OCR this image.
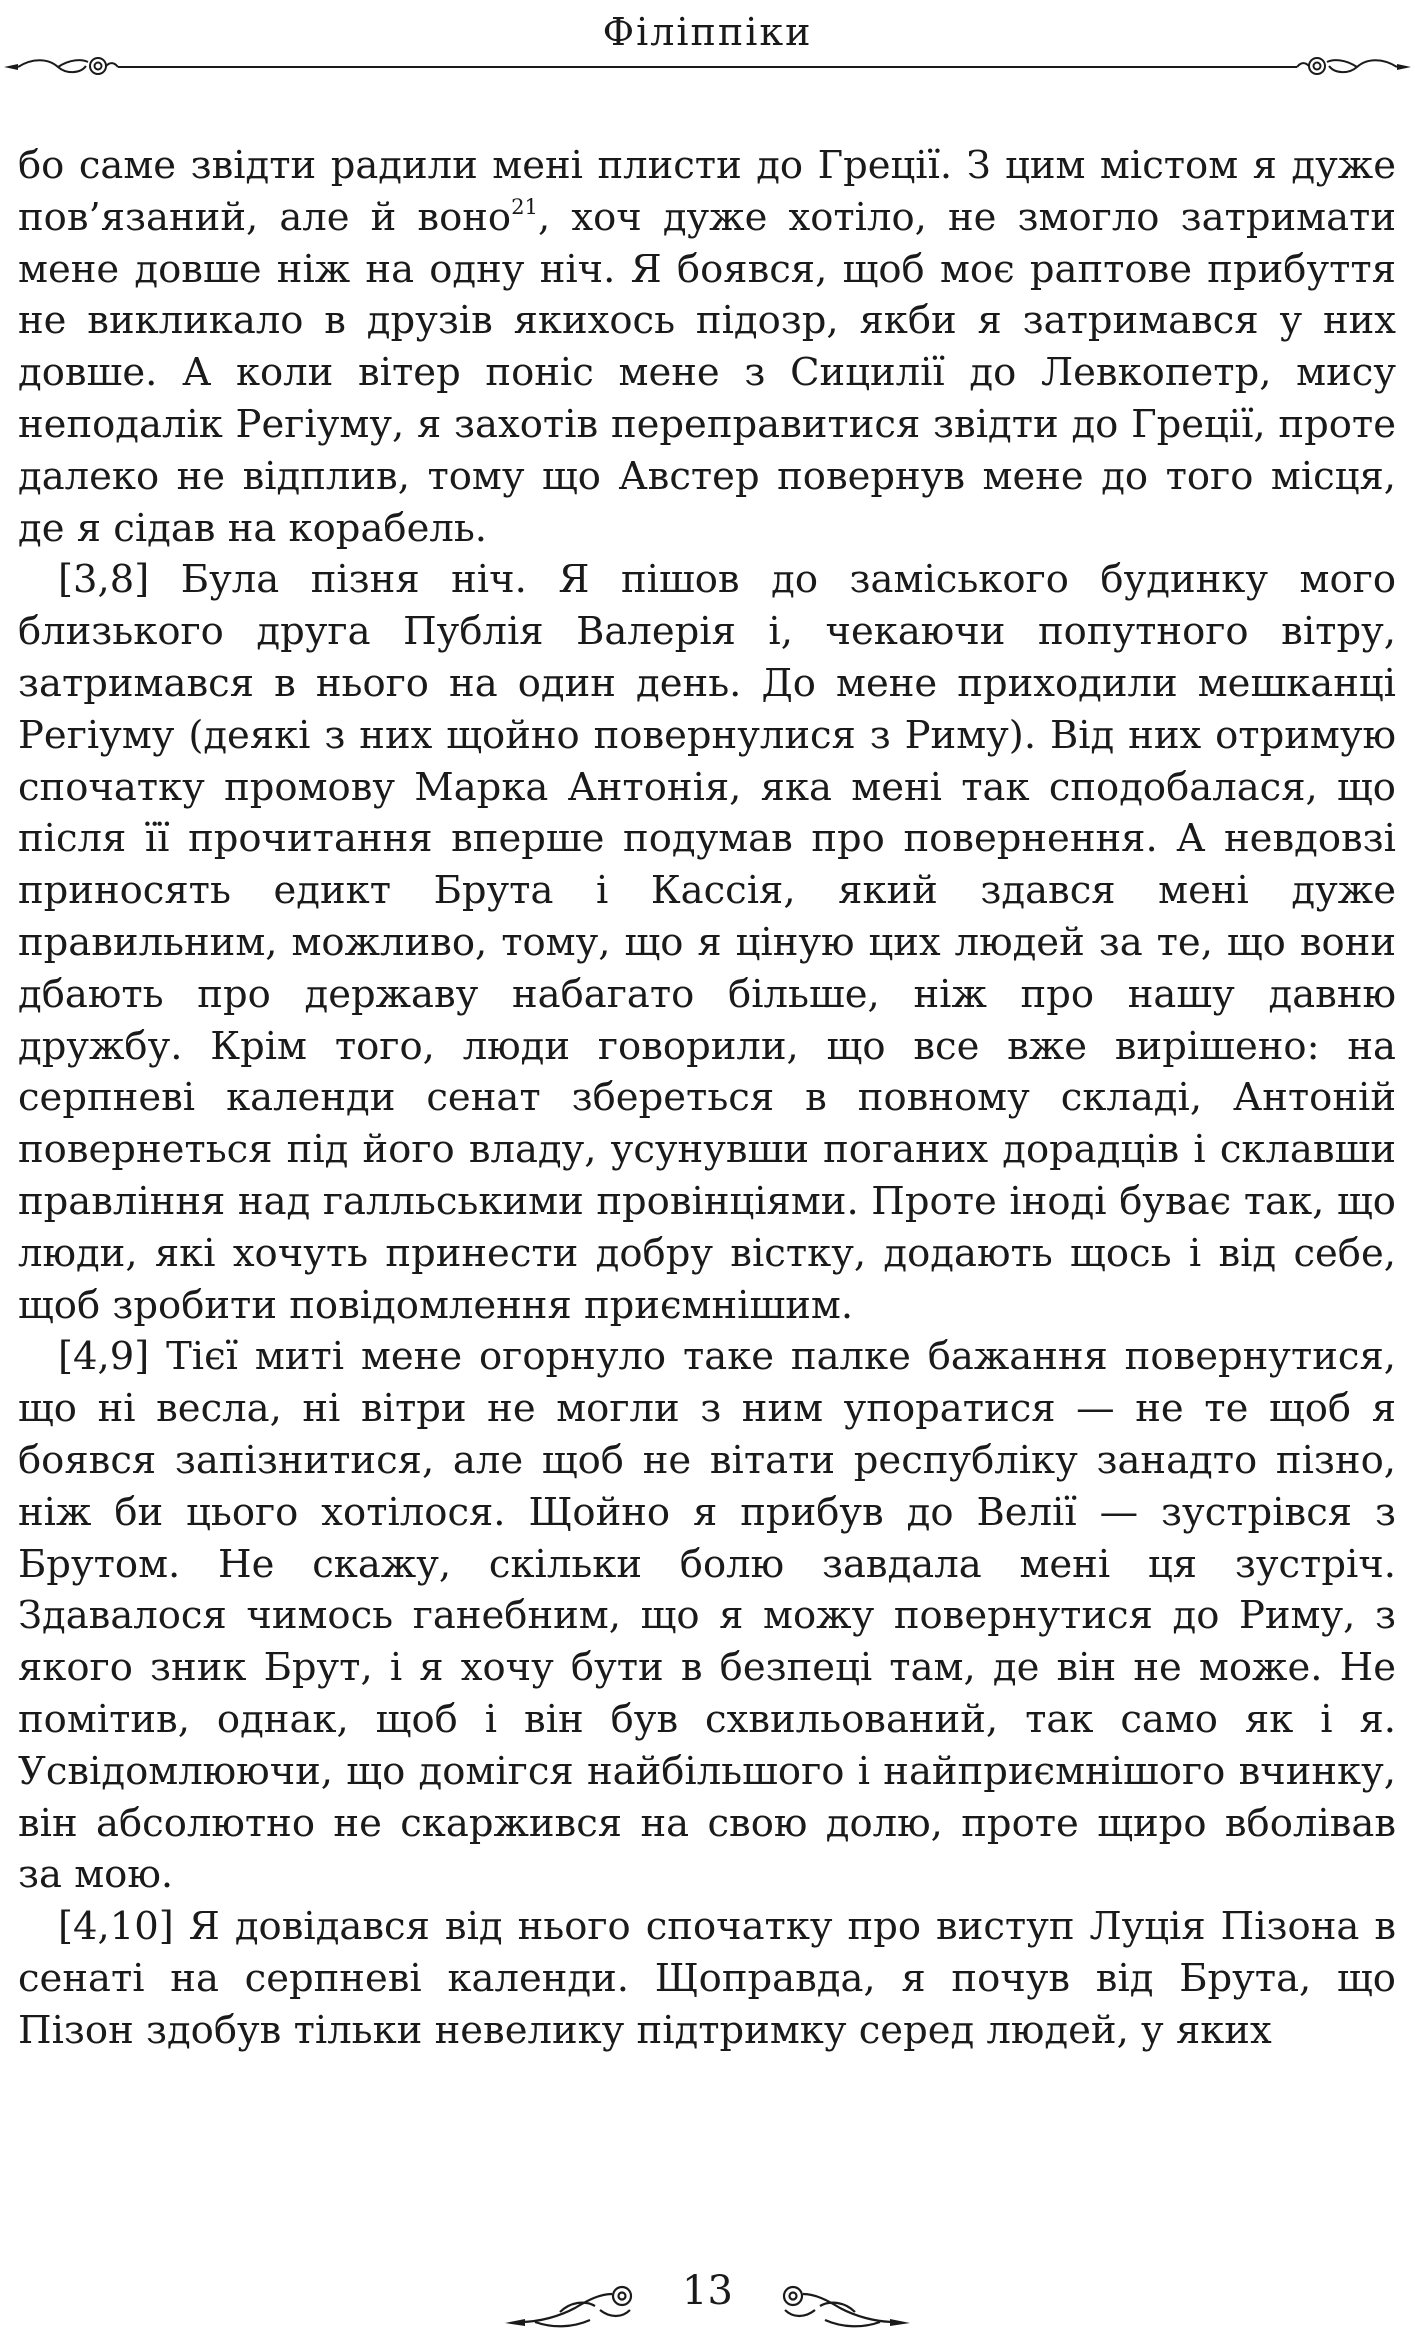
Філіппіки

бо саме звідти радили мені плисти до Греції. З цим містом я дуже пов’язаний, але й воно$^{21}$, хоч дуже хотіло, не змогло затримати мене довше ніж на одну ніч. Я боявся, щоб моє раптове прибуття не викликало в друзів якихось підозр, якби я затримався у них довше. А коли вітер поніс мене з Сицилії до Левкопетр, мису неподалік Регіуму, я захотів переправитися звідти до Греції, проте далеко не відплив, тому що Австер повернув мене до того місця, де я сідав на корабель.

[3,8] Була пізня ніч. Я пішов до заміського будинку мого близького друга Публія Валерія і, чекаючи попутного вітру, затримався в нього на один день. До мене приходили мешканці Регіуму (деякі з них щойно повернулися з Риму). Від них отримую спочатку промову Марка Антонія, яка мені так сподобалася, що після її прочитання вперше подумав про повернення. А невдовзі приносять едикт Брута і Кассія, який здався мені дуже правильним, можливо, тому, що я ціную цих людей за те, що вони дбають про державу набагато більше, ніж про нашу давню дружбу. Крім того, люди говорили, що все вже вирішено: на серпневі календи сенат збереться в повному складі, Антоній повернеться під його владу, усунувши поганих дорадців і склавши правління над галльськими провінціями. Проте іноді буває так, що люди, які хочуть принести добру вістку, додають щось і від себе, щоб зробити повідомлення приємнішим.

[4,9] Тієї миті мене огорнуло таке палке бажання повернутися, що ні весла, ні вітри не могли з ним упоратися — не те щоб я боявся запізнитися, але щоб не вітати республіку занадто пізно, ніж би цього хотілося. Щойно я прибув до Велії — зустрівся з Брутом. Не скажу, скільки болю завдала мені ця зустріч. Здавалося чимось ганебним, що я можу повернутися до Риму, з якого зник Брут, і я хочу бути в безпеці там, де він не може. Не помітив, однак, щоб і він був схвильований, так само як і я. Усвідомлюючи, що домігся найбільшого і найприємнішого вчинку, він абсолютно не скаржився на свою долю, проте щиро вболівав за мою.

[4,10] Я довідався від нього спочатку про виступ Луція Пізона в сенаті на серпневі календи. Щоправда, я почув від Брута, що Пізон здобув тільки невелику підтримку серед людей, у яких

13
